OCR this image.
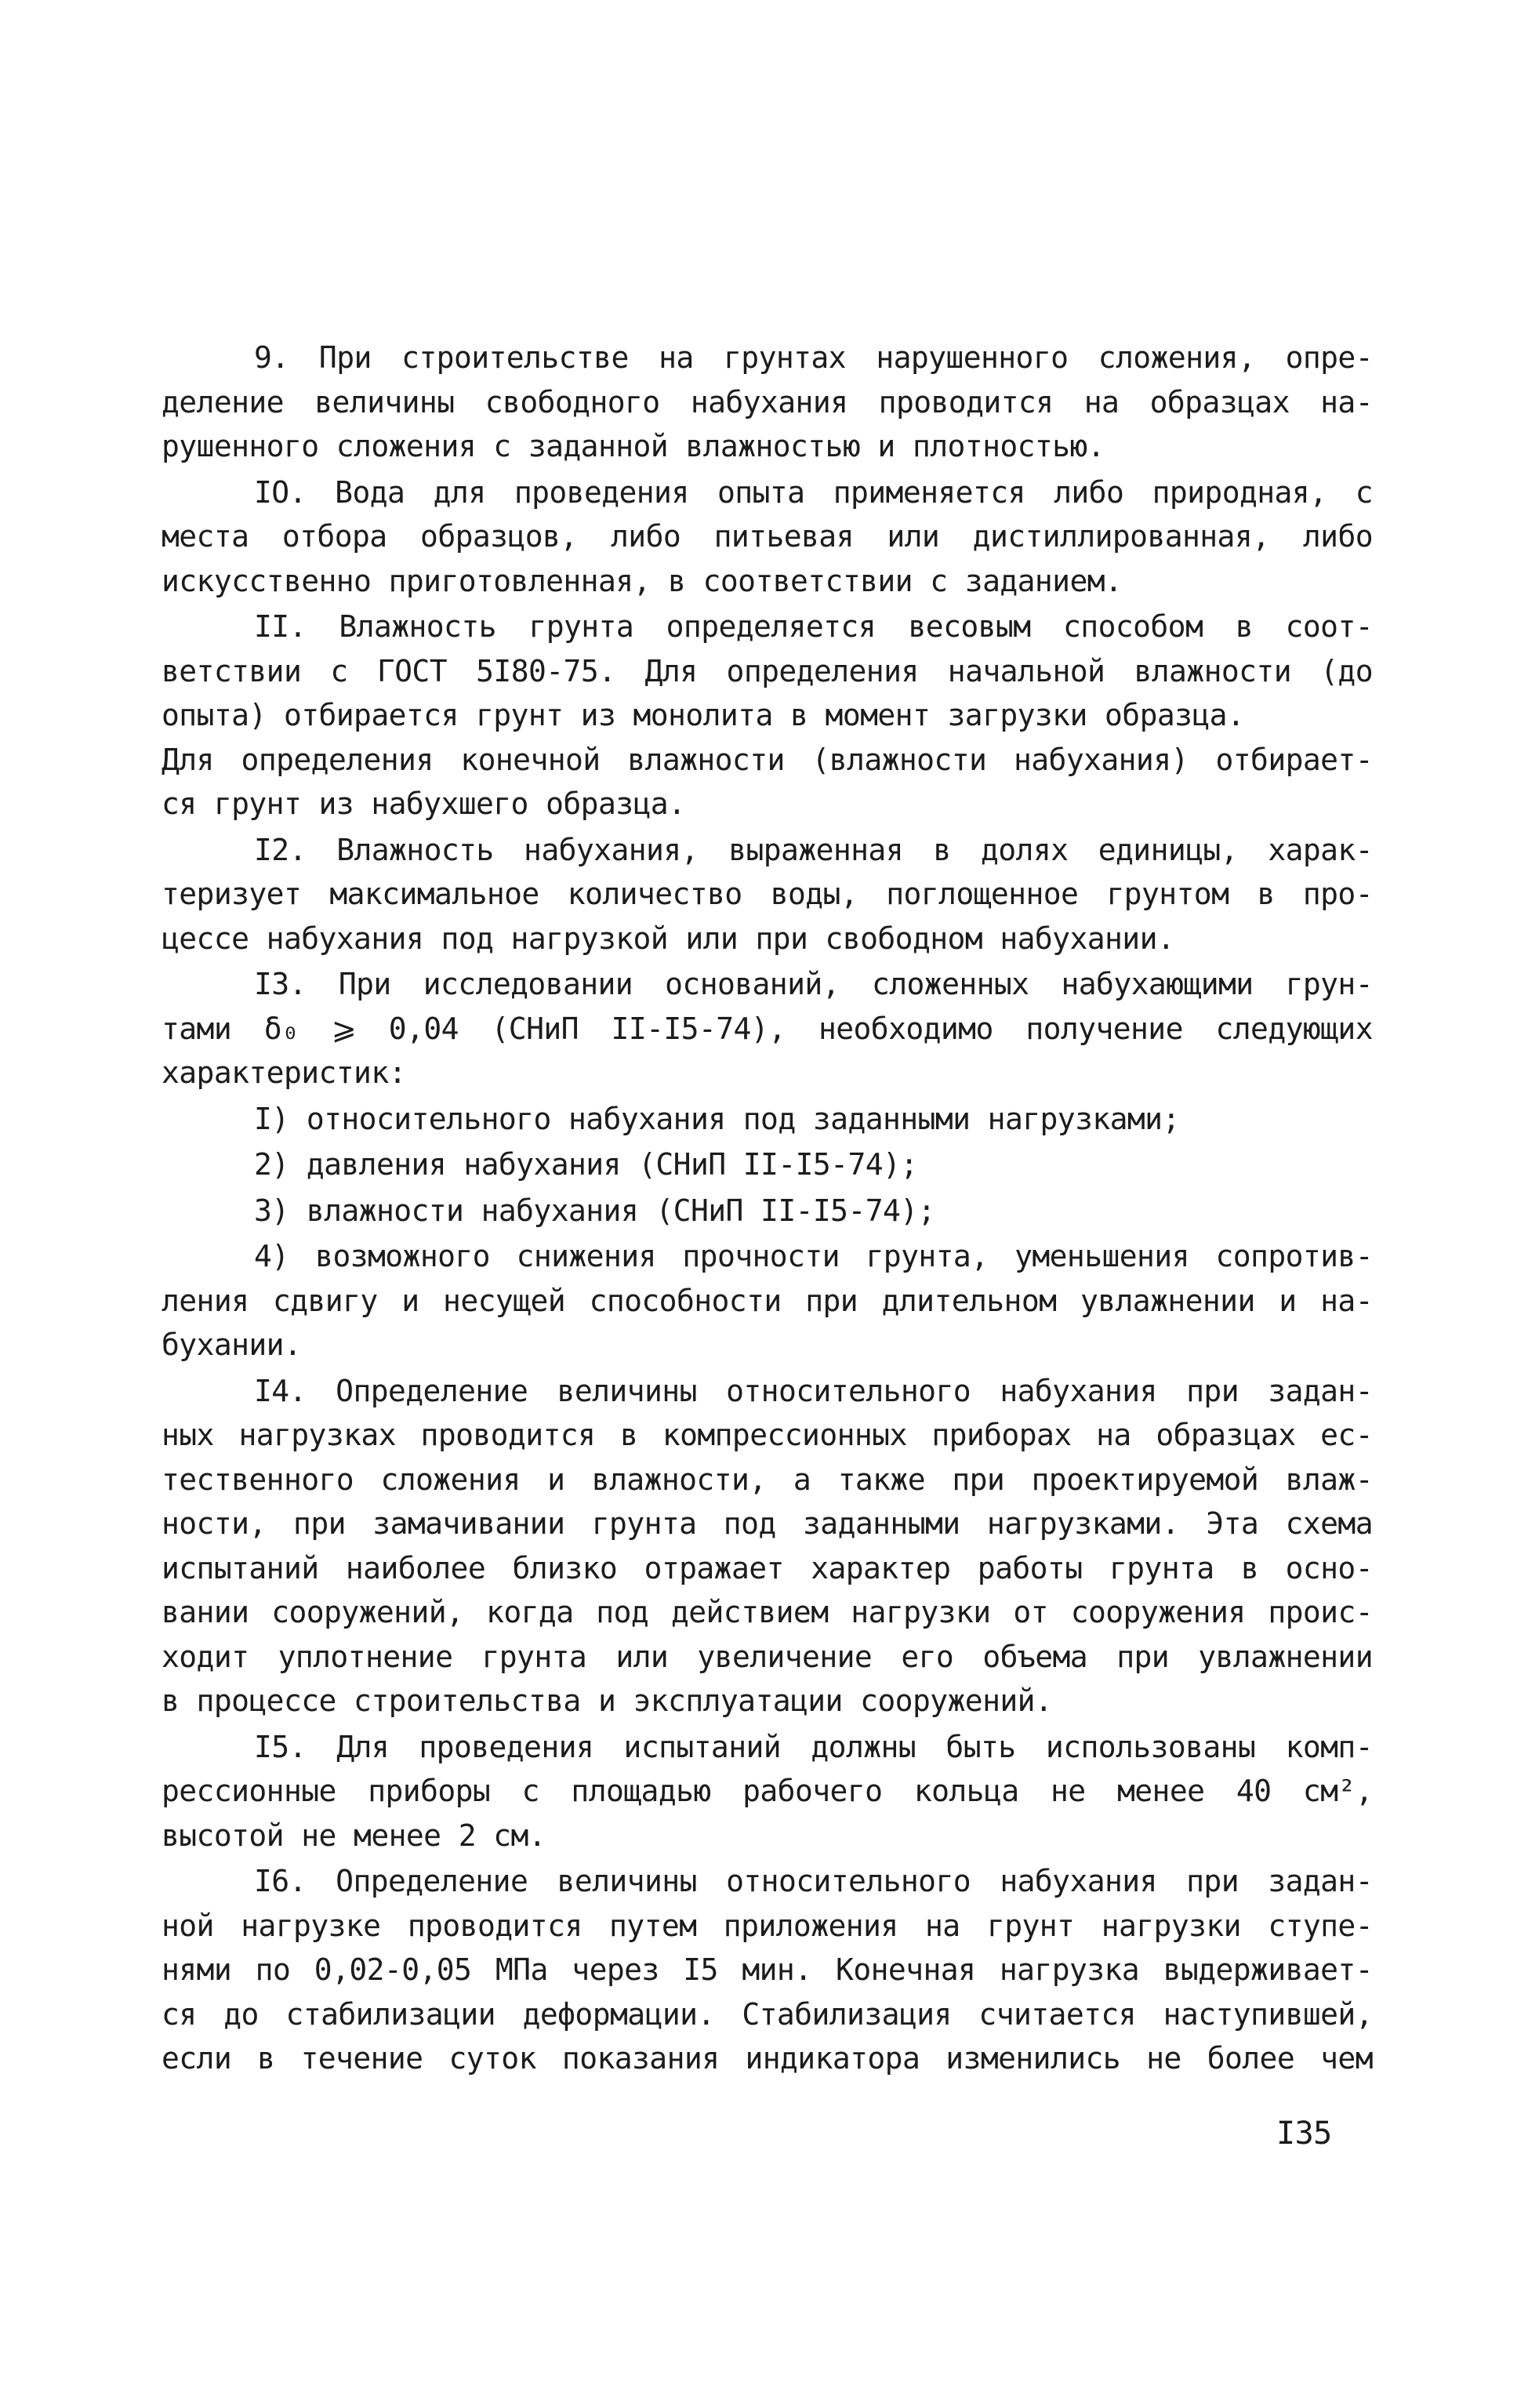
9. При строительстве на грунтах нарушенного сложения, опре-
деление величины свободного набухания проводится на образцах на-
рушенного сложения с заданной влажностью и плотностью.
IO. Вода для проведения опыта применяется либо природная, с
места отбора образцов, либо питьевая или дистиллированная, либо
искусственно приготовленная, в соответствии с заданием.
II. Влажность грунта определяется весовым способом в соот-
ветствии с ГОСТ 5I80-75. Для определения начальной влажности (до
опыта) отбирается грунт из монолита в момент загрузки образца.
Для определения конечной влажности (влажности набухания) отбирает-
ся грунт из набухшего образца.
I2. Влажность набухания, выраженная в долях единицы, харак-
теризует максимальное количество воды, поглощенное грунтом в про-
цессе набухания под нагрузкой или при свободном набухании.
I3. При исследовании оснований, сложенных набухающими грун-
тами δ₀ ⩾ 0,04 (СНиП II-I5-74), необходимо получение следующих
характеристик:
I) относительного набухания под заданными нагрузками;
2) давления набухания (СНиП II-I5-74);
3) влажности набухания (СНиП II-I5-74);
4) возможного снижения прочности грунта, уменьшения сопротив-
ления сдвигу и несущей способности при длительном увлажнении и на-
бухании.
I4. Определение величины относительного набухания при задан-
ных нагрузках проводится в компрессионных приборах на образцах ес-
тественного сложения и влажности, а также при проектируемой влаж-
ности, при замачивании грунта под заданными нагрузками. Эта схема
испытаний наиболее близко отражает характер работы грунта в осно-
вании сооружений, когда под действием нагрузки от сооружения проис-
ходит уплотнение грунта или увеличение его объема при увлажнении
в процессе строительства и эксплуатации сооружений.
I5. Для проведения испытаний должны быть использованы комп-
рессионные приборы с площадью рабочего кольца не менее 40 см²,
высотой не менее 2 см.
I6. Определение величины относительного набухания при задан-
ной нагрузке проводится путем приложения на грунт нагрузки ступе-
нями по 0,02-0,05 МПа через I5 мин. Конечная нагрузка выдерживает-
ся до стабилизации деформации. Стабилизация считается наступившей,
если в течение суток показания индикатора изменились не более чем
I35
